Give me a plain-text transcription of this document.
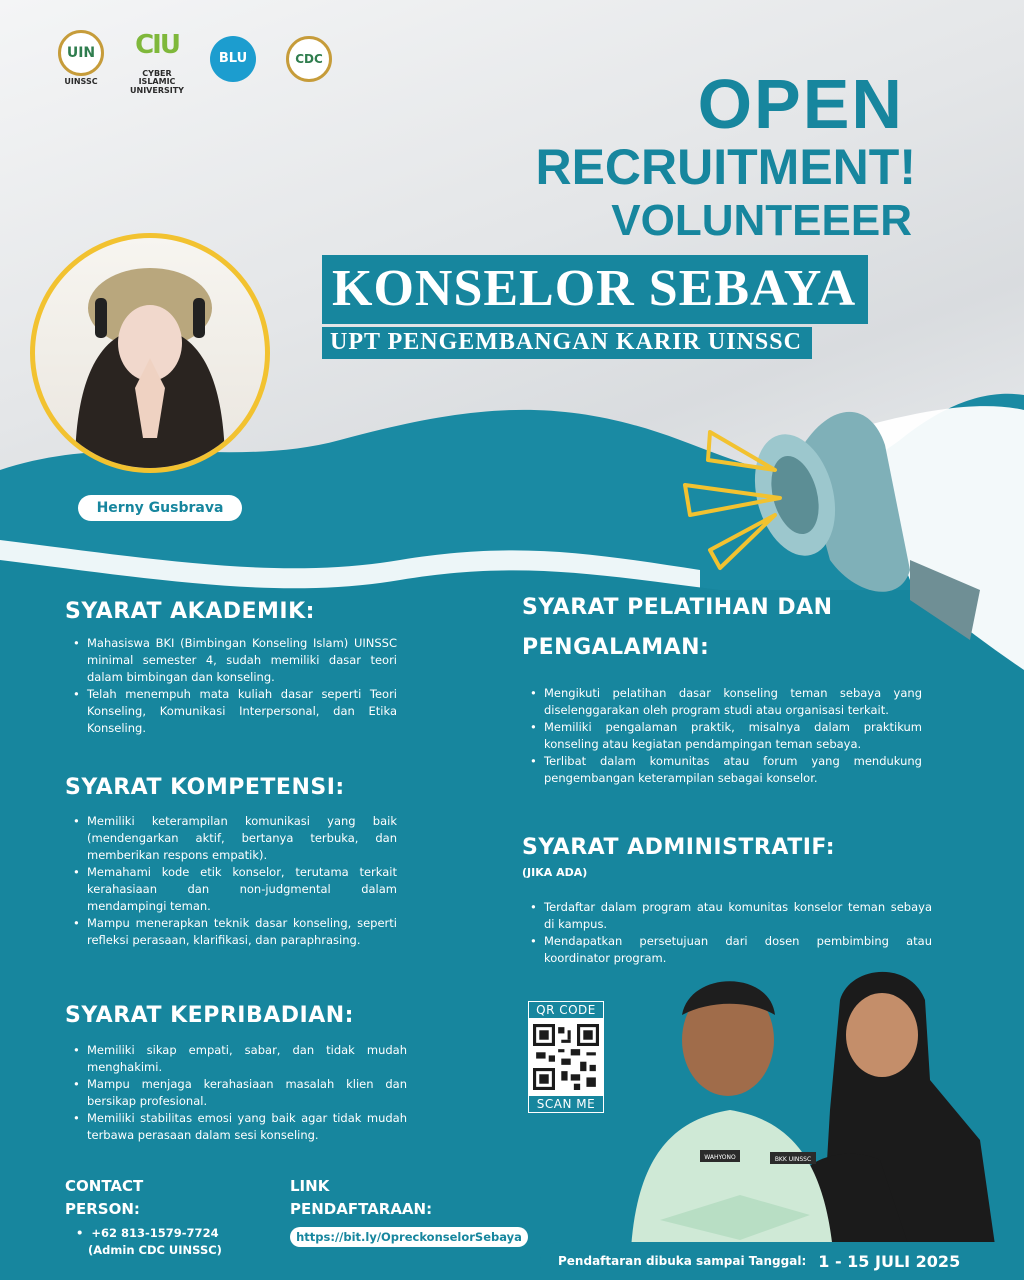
UIN
UINSSC
CIU
CYBER ISLAMIC UNIVERSITY
BLU	CDC
OPEN
RECRUITMENT!
VOLUNTEEER
KONSELOR SEBAYA
UPT PENGEMBANGAN KARIR UINSSC
Herny Gusbrava
SYARAT AKADEMIK:
• Mahasiswa BKI (Bimbingan Konseling Islam) UINSSC minimal semester 4, sudah memiliki dasar teori dalam bimbingan dan konseling.
• Telah menempuh mata kuliah dasar seperti Teori Konseling, Komunikasi Interpersonal, dan Etika Konseling.
SYARAT KOMPETENSI:
• Memiliki keterampilan komunikasi yang baik (mendengarkan aktif, bertanya terbuka, dan memberikan respons empatik).
• Memahami kode etik konselor, terutama terkait kerahasiaan dan non-judgmental dalam mendampingi teman.
• Mampu menerapkan teknik dasar konseling, seperti refleksi perasaan, klarifikasi, dan paraphrasing.
SYARAT KEPRIBADIAN:
• Memiliki sikap empati, sabar, dan tidak mudah menghakimi.
• Mampu menjaga kerahasiaan masalah klien dan bersikap profesional.
• Memiliki stabilitas emosi yang baik agar tidak mudah terbawa perasaan dalam sesi konseling.
SYARAT PELATIHAN DAN
PENGALAMAN:
• Mengikuti pelatihan dasar konseling teman sebaya yang diselenggarakan oleh program studi atau organisasi terkait.
• Memiliki pengalaman praktik, misalnya dalam praktikum konseling atau kegiatan pendampingan teman sebaya.
• Terlibat dalam komunitas atau forum yang mendukung pengembangan keterampilan sebagai konselor.
SYARAT ADMINISTRATIF:
(JIKA ADA)
• Terdaftar dalam program atau komunitas konselor teman sebaya di kampus.
• Mendapatkan persetujuan dari dosen pembimbing atau koordinator program.
QR CODE
SCAN ME
WAHYONO	BKK UINSSC
CONTACT
PERSON:
•  +62 813-1579-7724
(Admin CDC UINSSC)
LINK
PENDAFTARAAN:
https://bit.ly/OpreckonselorSebaya
Pendaftaran dibuka sampai Tanggal: 1 - 15 JULI 2025
